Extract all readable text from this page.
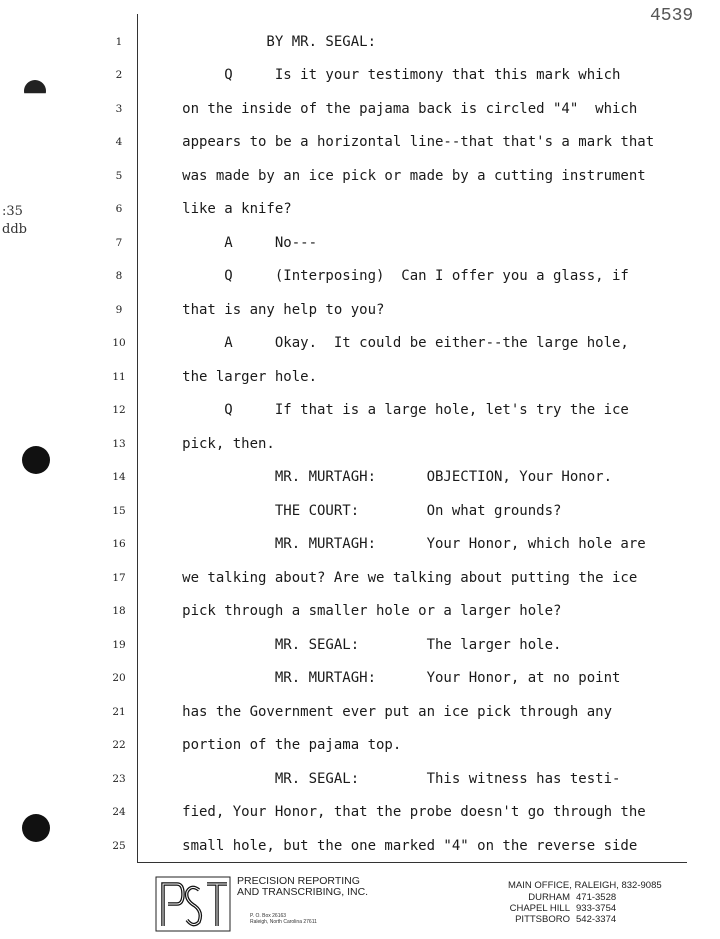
4539
:35
ddb
1	BY MR. SEGAL:
2	Q     Is it your testimony that this mark which
3	on the inside of the pajama back is circled "4"  which
4	appears to be a horizontal line--that that's a mark that
5	was made by an ice pick or made by a cutting instrument
6	like a knife?
7	A     No---
8	Q     (Interposing)  Can I offer you a glass, if
9	that is any help to you?
10	A     Okay.  It could be either--the large hole,
11	the larger hole.
12	Q     If that is a large hole, let's try the ice
13	pick, then.
14	MR. MURTAGH:      OBJECTION, Your Honor.
15	THE COURT:        On what grounds?
16	MR. MURTAGH:      Your Honor, which hole are
17	we talking about? Are we talking about putting the ice
18	pick through a smaller hole or a larger hole?
19	MR. SEGAL:        The larger hole.
20	MR. MURTAGH:      Your Honor, at no point
21	has the Government ever put an ice pick through any
22	portion of the pajama top.
23	MR. SEGAL:        This witness has testi-
24	fied, Your Honor, that the probe doesn't go through the
25	small hole, but the one marked "4" on the reverse side
PRECISION REPORTING
AND TRANSCRIBING, INC.
P. O. Box 26163
Raleigh, North Carolina 27611
MAIN OFFICE, RALEIGH, 832-9085
DURHAM 471-3528
CHAPEL HILL 933-3754
PITTSBORO 542-3374
